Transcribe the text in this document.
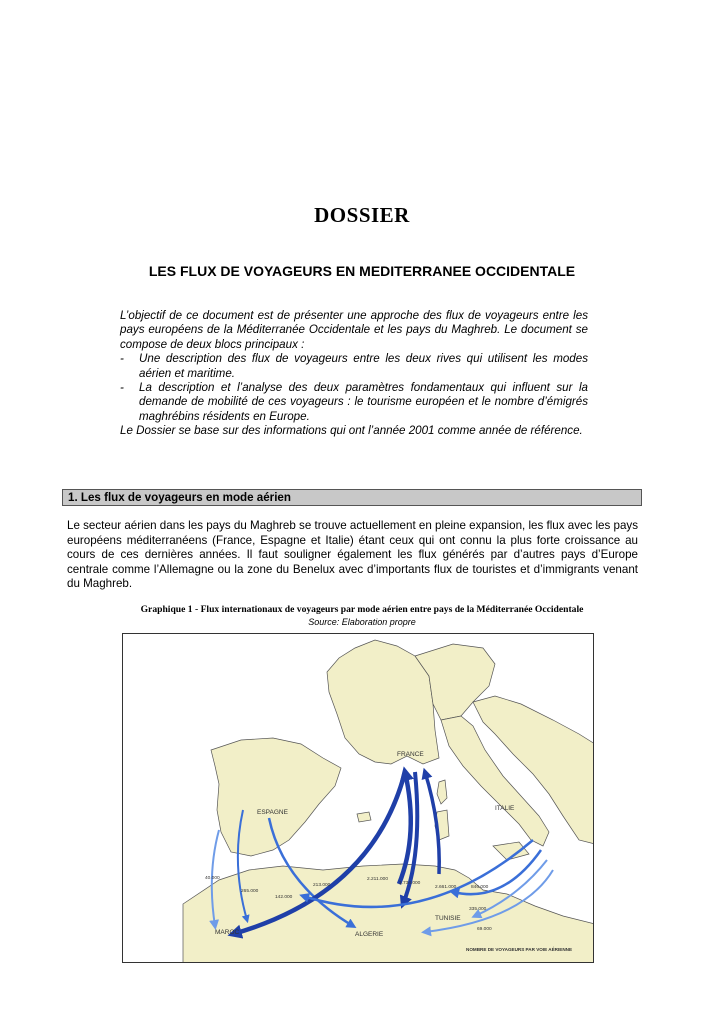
DOSSIER
LES FLUX DE VOYAGEURS EN MEDITERRANEE OCCIDENTALE

L’objectif de ce document est de présenter une approche des flux de voyageurs entre les pays européens de la Méditerranée Occidentale et les pays du Maghreb. Le document se compose de deux blocs principaux :

- Une description des flux de voyageurs entre les deux rives qui utilisent les modes aérien et maritime.
- La description et l’analyse des deux paramètres fondamentaux qui influent sur la demande de mobilité de ces voyageurs : le tourisme européen et le nombre d’émigrés maghrébins résidents en Europe.

Le Dossier se base sur des informations qui ont l’année 2001 comme année de référence.

1. Les flux de voyageurs en mode aérien

Le secteur aérien dans les pays du Maghreb se trouve actuellement en pleine expansion, les flux avec les pays européens méditerranéens (France, Espagne et Italie) étant ceux qui ont connu la plus forte croissance au cours de ces dernières années. Il faut souligner également les flux générés par d’autres pays d’Europe centrale comme l’Allemagne ou la zone du Benelux avec d’importants flux de touristes et d’immigrants venant du Maghreb.

Graphique 1 - Flux internationaux de voyageurs par mode aérien entre pays de la Méditerranée Occidentale
Source: Elaboration propre
FRANCE
ESPAGNE
ITALIE
MAROC	ALGERIE
TUNISIE
40.000
265.000
142.000
213.000
2.211.000
1.734.000
2.661.000	846.000
335.000
69.000
NOMBRE DE VOYAGEURS PAR VOIE AÉRIENNE
